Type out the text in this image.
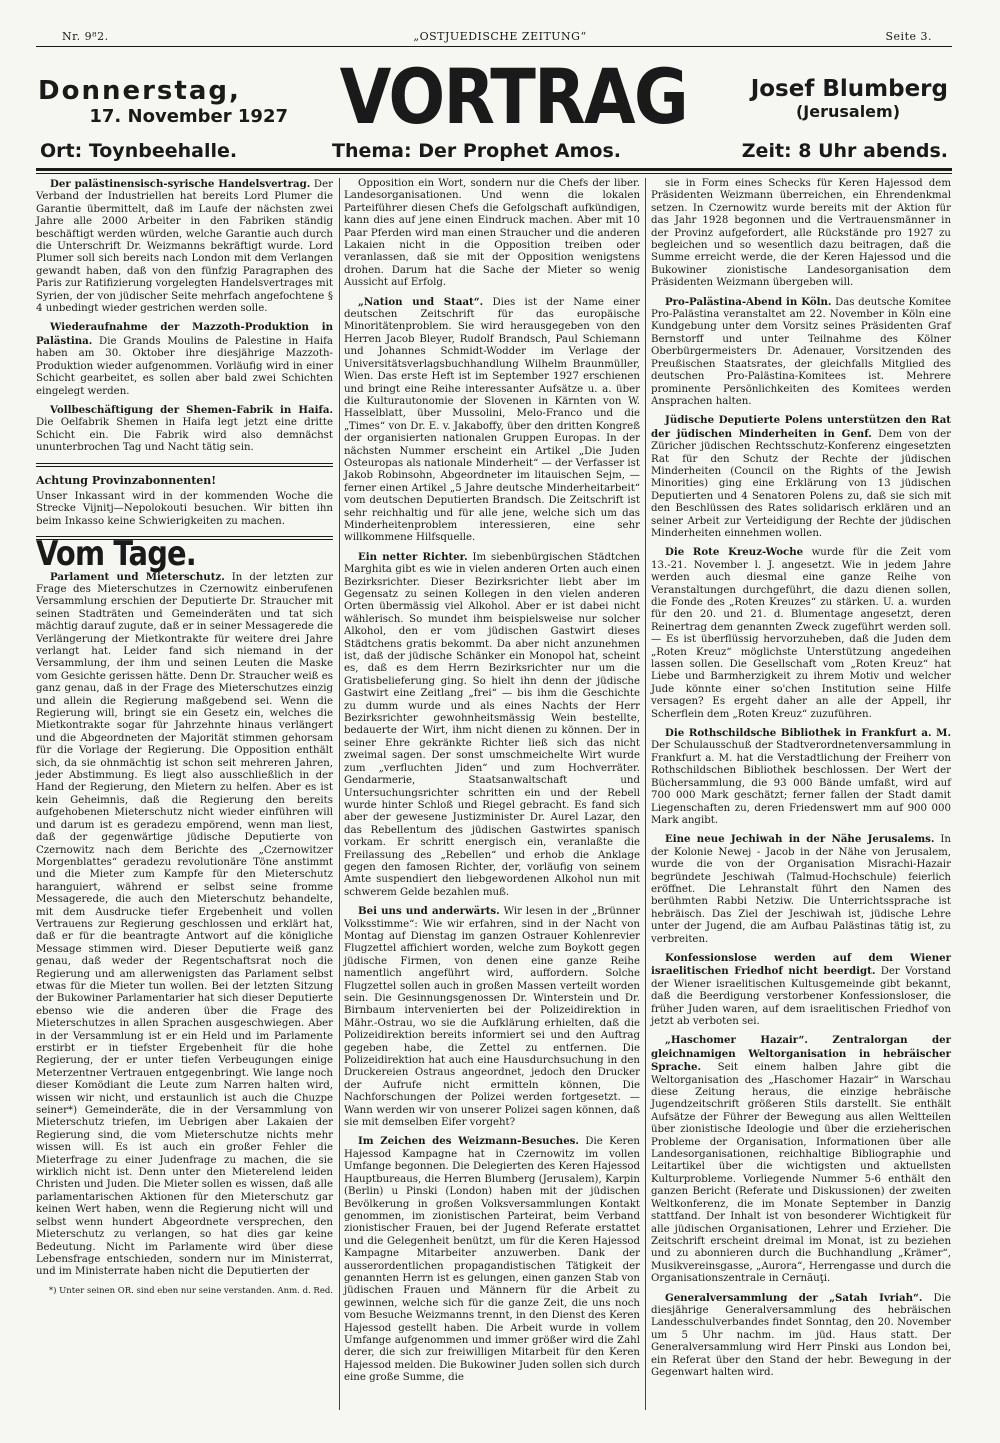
Nr. 9⁸2.	„OSTJUEDISCHE ZEITUNG“	Seite 3.
Donnerstag,
17. November 1927 VORTRAG	Josef Blumberg
(Jerusalem)
Ort: Toynbeehalle.	Thema: Der Prophet Amos.	Zeit: 8 Uhr abends.

Der palästinensisch-syrische Handelsvertrag. Der Verband der Industriellen hat bereits Lord Plumer die Garantie übermittelt, daß im Laufe der nächsten zwei Jahre alle 2000 Arbeiter in den Fabriken ständig beschäftigt werden würden, welche Garantie auch durch die Unterschrift Dr. Weizmanns bekräftigt wurde. Lord Plumer soll sich bereits nach London mit dem Verlangen gewandt haben, daß von den fünfzig Paragraphen des Paris zur Ratifizierung vorgelegten Handelsvertrages mit Syrien, der von jüdischer Seite mehrfach angefochtene § 4 unbedingt wieder gestrichen werden solle.

Wiederaufnahme der Mazzoth-Produktion in Palästina. Die Grands Moulins de Palestine in Haifa haben am 30. Oktober ihre diesjährige Mazzoth-Produktion wieder aufgenommen. Vorläufig wird in einer Schicht gearbeitet, es sollen aber bald zwei Schichten eingelegt werden.

Vollbeschäftigung der Shemen-Fabrik in Haifa. Die Oelfabrik Shemen in Haifa legt jetzt eine dritte Schicht ein. Die Fabrik wird also demnächst ununterbrochen Tag und Nacht tätig sein.

Achtung Provinzabonnenten!

Unser Inkassant wird in der kommenden Woche die Strecke Vijnitj—Nepolokouti besuchen. Wir bitten ihn beim Inkasso keine Schwierigkeiten zu machen.

Vom Tage.

Parlament und Mieterschutz. In der letzten zur Frage des Mieterschutzes in Czernowitz einberufenen Versammlung erschien der Deputierte Dr. Straucher mit seinen Stadträten und Gemeinderäten und tat sich mächtig darauf zugute, daß er in seiner Messagerede die Verlängerung der Mietkontrakte für weitere drei Jahre verlangt hat. Leider fand sich niemand in der Versammlung, der ihm und seinen Leuten die Maske vom Gesichte gerissen hätte. Denn Dr. Straucher weiß es ganz genau, daß in der Frage des Mieterschutzes einzig und allein die Regierung maßgebend sei. Wenn die Regierung will, bringt sie ein Gesetz ein, welches die Mietkontrakte sogar für Jahrzehnte hinaus verlängert und die Abgeordneten der Majorität stimmen gehorsam für die Vorlage der Regierung. Die Opposition enthält sich, da sie ohnmächtig ist schon seit mehreren Jahren, jeder Abstimmung. Es liegt also ausschließlich in der Hand der Regierung, den Mietern zu helfen. Aber es ist kein Geheimnis, daß die Regierung den bereits aufgehobenen Mieterschutz nicht wieder einführen will und darum ist es geradezu empörend, wenn man liest, daß der gegenwärtige jüdische Deputierte von Czernowitz nach dem Berichte des „Czernowitzer Morgenblattes“ geradezu revolutionäre Töne anstimmt und die Mieter zum Kampfe für den Mieterschutz haranguiert, während er selbst seine fromme Messagerede, die auch den Mieterschutz behandelte, mit dem Ausdrucke tiefer Ergebenheit und vollen Vertrauens zur Regierung geschlossen und erklärt hat, daß er für die beantragte Antwort auf die königliche Message stimmen wird. Dieser Deputierte weiß ganz genau, daß weder der Regentschaftsrat noch die Regierung und am allerwenigsten das Parlament selbst etwas für die Mieter tun wollen. Bei der letzten Sitzung der Bukowiner Parlamentarier hat sich dieser Deputierte ebenso wie die anderen über die Frage des Mieterschutzes in allen Sprachen ausgeschwiegen. Aber in der Versammlung ist er ein Held und im Parlamente erstirbt er in tiefster Ergebenheit für die hohe Regierung, der er unter tiefen Verbeugungen einige Meterzentner Vertrauen entgegenbringt. Wie lange noch dieser Komödiant die Leute zum Narren halten wird, wissen wir nicht, und erstaunlich ist auch die Chuzpe seiner*) Gemeinderäte, die in der Versammlung von Mieterschutz triefen, im Uebrigen aber Lakaien der Regierung sind, die vom Mieterschutze nichts mehr wissen will. Es ist auch ein großer Fehler die Mieterfrage zu einer Judenfrage zu machen, die sie wirklich nicht ist. Denn unter den Mieterelend leiden Christen und Juden. Die Mieter sollen es wissen, daß alle parlamentarischen Aktionen für den Mieterschutz gar keinen Wert haben, wenn die Regierung nicht will und selbst wenn hundert Abgeordnete versprechen, den Mieterschutz zu verlangen, so hat dies gar keine Bedeutung. Nicht im Parlamente wird über diese Lebensfrage entschieden, sondern nur im Ministerrat, und im Ministerrate haben nicht die Deputierten der

*) Unter seinen OR. sind eben nur seine verstanden. Anm. d. Red.

Opposition ein Wort, sondern nur die Chefs der liber. Landesorganisationen. Und wenn die lokalen Parteiführer diesen Chefs die Gefolgschaft aufkündigen, kann dies auf jene einen Eindruck machen. Aber mit 10 Paar Pferden wird man einen Straucher und die anderen Lakaien nicht in die Opposition treiben oder veranlassen, daß sie mit der Opposition wenigstens drohen. Darum hat die Sache der Mieter so wenig Aussicht auf Erfolg.

„Nation und Staat“. Dies ist der Name einer deutschen Zeitschrift für das europäische Minoritätenproblem. Sie wird herausgegeben von den Herren Jacob Bleyer, Rudolf Brandsch, Paul Schiemann und Johannes Schmidt-Wodder im Verlage der Universitätsverlagsbuchhandlung Wilhelm Braunmüller, Wien. Das erste Heft ist im September 1927 erschienen und bringt eine Reihe interessanter Aufsätze u. a. über die Kulturautonomie der Slovenen in Kärnten von W. Hasselblatt, über Mussolini, Melo-Franco und die „Times“ von Dr. E. v. Jakaboffy, über den dritten Kongreß der organisierten nationalen Gruppen Europas. In der nächsten Nummer erscheint ein Artikel „Die Juden Osteuropas als nationale Minderheit“ — der Verfasser ist Jakob Robinsohn, Abgeordneter im litauischen Sejm, — ferner einen Artikel „5 Jahre deutsche Minderheitarbeit“ vom deutschen Deputierten Brandsch. Die Zeitschrift ist sehr reichhaltig und für alle jene, welche sich um das Minderheitenproblem interessieren, eine sehr willkommene Hilfsquelle.

Ein netter Richter. Im siebenbürgischen Städtchen Marghita gibt es wie in vielen anderen Orten auch einen Bezirksrichter. Dieser Bezirksrichter liebt aber im Gegensatz zu seinen Kollegen in den vielen anderen Orten übermässig viel Alkohol. Aber er ist dabei nicht wählerisch. So mundet ihm beispielsweise nur solcher Alkohol, den er vom jüdischen Gastwirt dieses Städtchens gratis bekommt. Da aber nicht anzunehmen ist, daß der jüdische Schänker ein Monopol hat, scheint es, daß es dem Herrn Bezirksrichter nur um die Gratisbelieferung ging. So hielt ihn denn der jüdische Gastwirt eine Zeitlang „frei“ — bis ihm die Geschichte zu dumm wurde und als eines Nachts der Herr Bezirksrichter gewohnheitsmässig Wein bestellte, bedauerte der Wirt, ihm nicht dienen zu können. Der in seiner Ehre gekränkte Richter ließ sich das nicht zweimal sagen. Der sonst umschmeichelte Wirt wurde zum „verfluchten Jiden“ und zum Hochverräter. Gendarmerie, Staatsanwaltschaft und Untersuchungsrichter schritten ein und der Rebell wurde hinter Schloß und Riegel gebracht. Es fand sich aber der gewesene Justizminister Dr. Aurel Lazar, den das Rebellentum des jüdischen Gastwirtes spanisch vorkam. Er schritt energisch ein, veranlaßte die Freilassung des „Rebellen“ und erhob die Anklage gegen den famosen Richter, der, vorläufig von seinem Amte suspendiert den liebgewordenen Alkohol nun mit schwerem Gelde bezahlen muß.

Bei uns und anderwärts. Wir lesen in der „Brünner Volksstimme“: Wie wir erfahren, sind in der Nacht von Montag auf Dienstag im ganzen Ostrauer Kohlenrevier Flugzettel affichiert worden, welche zum Boykott gegen jüdische Firmen, von denen eine ganze Reihe namentlich angeführt wird, auffordern. Solche Flugzettel sollen auch in großen Massen verteilt worden sein. Die Gesinnungsgenossen Dr. Winterstein und Dr. Birnbaum intervenierten bei der Polizeidirektion in Mähr.-Ostrau, wo sie die Aufklärung erhielten, daß die Polizeidirektion bereits informiert sei und den Auftrag gegeben habe, die Zettel zu entfernen. Die Polizeidirektion hat auch eine Hausdurchsuchung in den Druckereien Ostraus angeordnet, jedoch den Drucker der Aufrufe nicht ermitteln können, Die Nachforschungen der Polizei werden fortgesetzt. — Wann werden wir von unserer Polizei sagen können, daß sie mit demselben Eifer vorgeht?

Im Zeichen des Weizmann-Besuches. Die Keren Hajessod Kampagne hat in Czernowitz im vollen Umfange begonnen. Die Delegierten des Keren Hajessod Hauptbureaus, die Herren Blumberg (Jerusalem), Karpin (Berlin) u Pinski (London) haben mit der jüdischen Bevölkerung in großen Volksversammlungen Kontakt genommen, im zionistischen Parteirat, beim Verband zionistischer Frauen, bei der Jugend Referate erstattet und die Gelegenheit benützt, um für die Keren Hajessod Kampagne Mitarbeiter anzuwerben. Dank der ausserordentlichen propagandistischen Tätigkeit der genannten Herrn ist es gelungen, einen ganzen Stab von jüdischen Frauen und Männern für die Arbeit zu gewinnen, welche sich für die ganze Zeit, die uns noch vom Besuche Weizmanns trennt, in den Dienst des Keren Hajessod gestellt haben. Die Arbeit wurde in vollem Umfange aufgenommen und immer größer wird die Zahl derer, die sich zur freiwilligen Mitarbeit für den Keren Hajessod melden. Die Bukowiner Juden sollen sich durch eine große Summe, die

sie in Form eines Schecks für Keren Hajessod dem Präsidenten Weizmann überreichen, ein Ehrendenkmal setzen. In Czernowitz wurde bereits mit der Aktion für das Jahr 1928 begonnen und die Vertrauensmänner in der Provinz aufgefordert, alle Rückstände pro 1927 zu begleichen und so wesentlich dazu beitragen, daß die Summe erreicht werde, die der Keren Hajessod und die Bukowiner zionistische Landesorganisation dem Präsidenten Weizmann übergeben will.

Pro-Palästina-Abend in Köln. Das deutsche Komitee Pro-Palästina veranstaltet am 22. November in Köln eine Kundgebung unter dem Vorsitz seines Präsidenten Graf Bernstorff und unter Teilnahme des Kölner Oberbürgermeisters Dr. Adenauer, Vorsitzenden des Preußischen Staatsrates, der gleichfalls Mitglied des deutschen Pro-Palästina-Komitees ist. Mehrere prominente Persönlichkeiten des Komitees werden Ansprachen halten.

Jüdische Deputierte Polens unterstützen den Rat der jüdischen Minderheiten in Genf. Dem von der Züricher jüdischen Rechtsschutz-Konferenz eingesetzten Rat für den Schutz der Rechte der jüdischen Minderheiten (Council on the Rights of the Jewish Minorities) ging eine Erklärung von 13 jüdischen Deputierten und 4 Senatoren Polens zu, daß sie sich mit den Beschlüssen des Rates solidarisch erklären und an seiner Arbeit zur Verteidigung der Rechte der jüdischen Minderheiten einnehmen wollen.

Die Rote Kreuz-Woche wurde für die Zeit vom 13.-21. November l. J. angesetzt. Wie in jedem Jahre werden auch diesmal eine ganze Reihe von Veranstaltungen durchgeführt, die dazu dienen sollen, die Fonde des „Roten Kreuzes“ zu stärken. U. a. wurden für den 20. und 21. d. Blumentage angesetzt, deren Reinertrag dem genannten Zweck zugeführt werden soll. — Es ist überflüssig hervorzuheben, daß die Juden dem „Roten Kreuz“ möglichste Unterstützung angedeihen lassen sollen. Die Gesellschaft vom „Roten Kreuz“ hat Liebe und Barmherzigkeit zu ihrem Motiv und welcher Jude könnte einer so'chen Institution seine Hilfe versagen? Es ergeht daher an alle der Appell, ihr Scherflein dem „Roten Kreuz“ zuzuführen.

Die Rothschildsche Bibliothek in Frankfurt a. M. Der Schulausschuß der Stadtverordnetenversammlung in Frankfurt a. M. hat die Verstadtlichung der Freiherr von Rothschildschen Bibliothek beschlossen. Der Wert der Büchersammlung, die 93 000 Bände umfaßt, wird auf 700 000 Mark geschätzt; ferner fallen der Stadt damit Liegenschaften zu, deren Friedenswert mm auf 900 000 Mark angibt.

Eine neue Jechiwah in der Nähe Jerusalems. In der Kolonie Newej - Jacob in der Nähe von Jerusalem, wurde die von der Organisation Misrachi-Hazair begründete Jeschiwah (Talmud-Hochschule) feierlich eröffnet. Die Lehranstalt führt den Namen des berühmten Rabbi Netziw. Die Unterrichtssprache ist hebräisch. Das Ziel der Jeschiwah ist, jüdische Lehre unter der Jugend, die am Aufbau Palästinas tätig ist, zu verbreiten.

Konfessionslose werden auf dem Wiener israelitischen Friedhof nicht beerdigt. Der Vorstand der Wiener israelitischen Kultusgemeinde gibt bekannt, daß die Beerdigung verstorbener Konfessionsloser, die früher Juden waren, auf dem israelitischen Friedhof von jetzt ab verboten sei.

„Haschomer Hazair“. Zentralorgan der gleichnamigen Weltorganisation in hebräischer Sprache. Seit einem halben Jahre gibt die Weltorganisation des „Haschomer Hazair“ in Warschau diese Zeitung heraus, die einzige hebräische Jugendzeitschrift größeren Stils darstellt. Sie enthält Aufsätze der Führer der Bewegung aus allen Weltteilen über zionistische Ideologie und über die erzieherischen Probleme der Organisation, Informationen über alle Landesorganisationen, reichhaltige Bibliographie und Leitartikel über die wichtigsten und aktuellsten Kulturprobleme. Vorliegende Nummer 5-6 enthält den ganzen Bericht (Referate und Diskussionen) der zweiten Weltkonferenz, die im Monate September in Danzig stattfand. Der Inhalt ist von besonderer Wichtigkeit für alle jüdischen Organisationen, Lehrer und Erzieher. Die Zeitschrift erscheint dreimal im Monat, ist zu beziehen und zu abonnieren durch die Buchhandlung „Krämer“, Musikvereinsgasse, „Aurora“, Herrengasse und durch die Organisationszentrale in Cernăuţi.

Generalversammlung der „Satah Ivriah“. Die diesjährige Generalversammlung des hebräischen Landesschulverbandes findet Sonntag, den 20. November um 5 Uhr nachm. im jüd. Haus statt. Der Generalversammlung wird Herr Pinski aus London bei, ein Referat über den Stand der hebr. Bewegung in der Gegenwart halten wird.
